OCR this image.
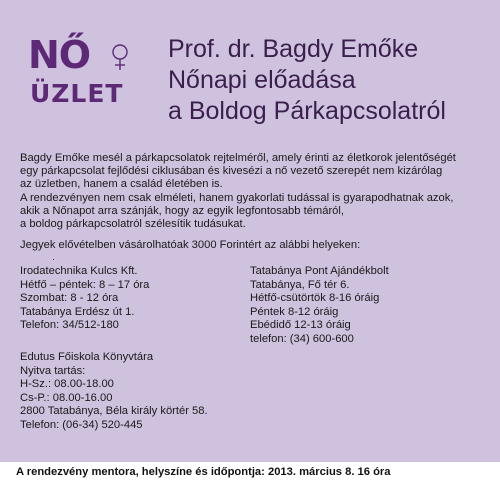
NŐ
ÜZLET
Prof. dr. Bagdy Emőke
Nőnapi előadása
a Boldog Párkapcsolatról
Bagdy Emőke mesél a párkapcsolatok rejtelméről, amely érinti az életkorok jelentőségét
egy párkapcsolat fejlődési ciklusában és kivesézi a nő vezető szerepét nem kizárólag
az üzletben, hanem a család életében is.
A rendezvényen nem csak elméleti, hanem gyakorlati tudással is gyarapodhatnak azok,
akik a Nőnapot arra szánják, hogy az egyik legfontosabb témáról,
a boldog párkapcsolatról szélesítik tudásukat.
Jegyek elővételben vásárolhatóak 3000 Forintért az alábbi helyeken:
·
Irodatechnika Kulcs Kft.
Hétfő – péntek: 8 – 17 óra
Szombat: 8 - 12 óra
Tatabánya Erdész út 1.
Telefon: 34/512-180
Tatabánya Pont Ajándékbolt
Tatabánya, Fő tér 6.
Hétfő-csütörtök 8-16 óráig
Péntek 8-12 óráig
Ebédidő 12-13 óráig
telefon: (34) 600-600
Edutus Főiskola Könyvtára
Nyitva tartás:
H-Sz.: 08.00-18.00
Cs-P.: 08.00-16.00
2800 Tatabánya, Béla király körtér 58.
Telefon: (06-34) 520-445
A rendezvény mentora, helyszíne és időpontja: 2013. március 8. 16 óra
